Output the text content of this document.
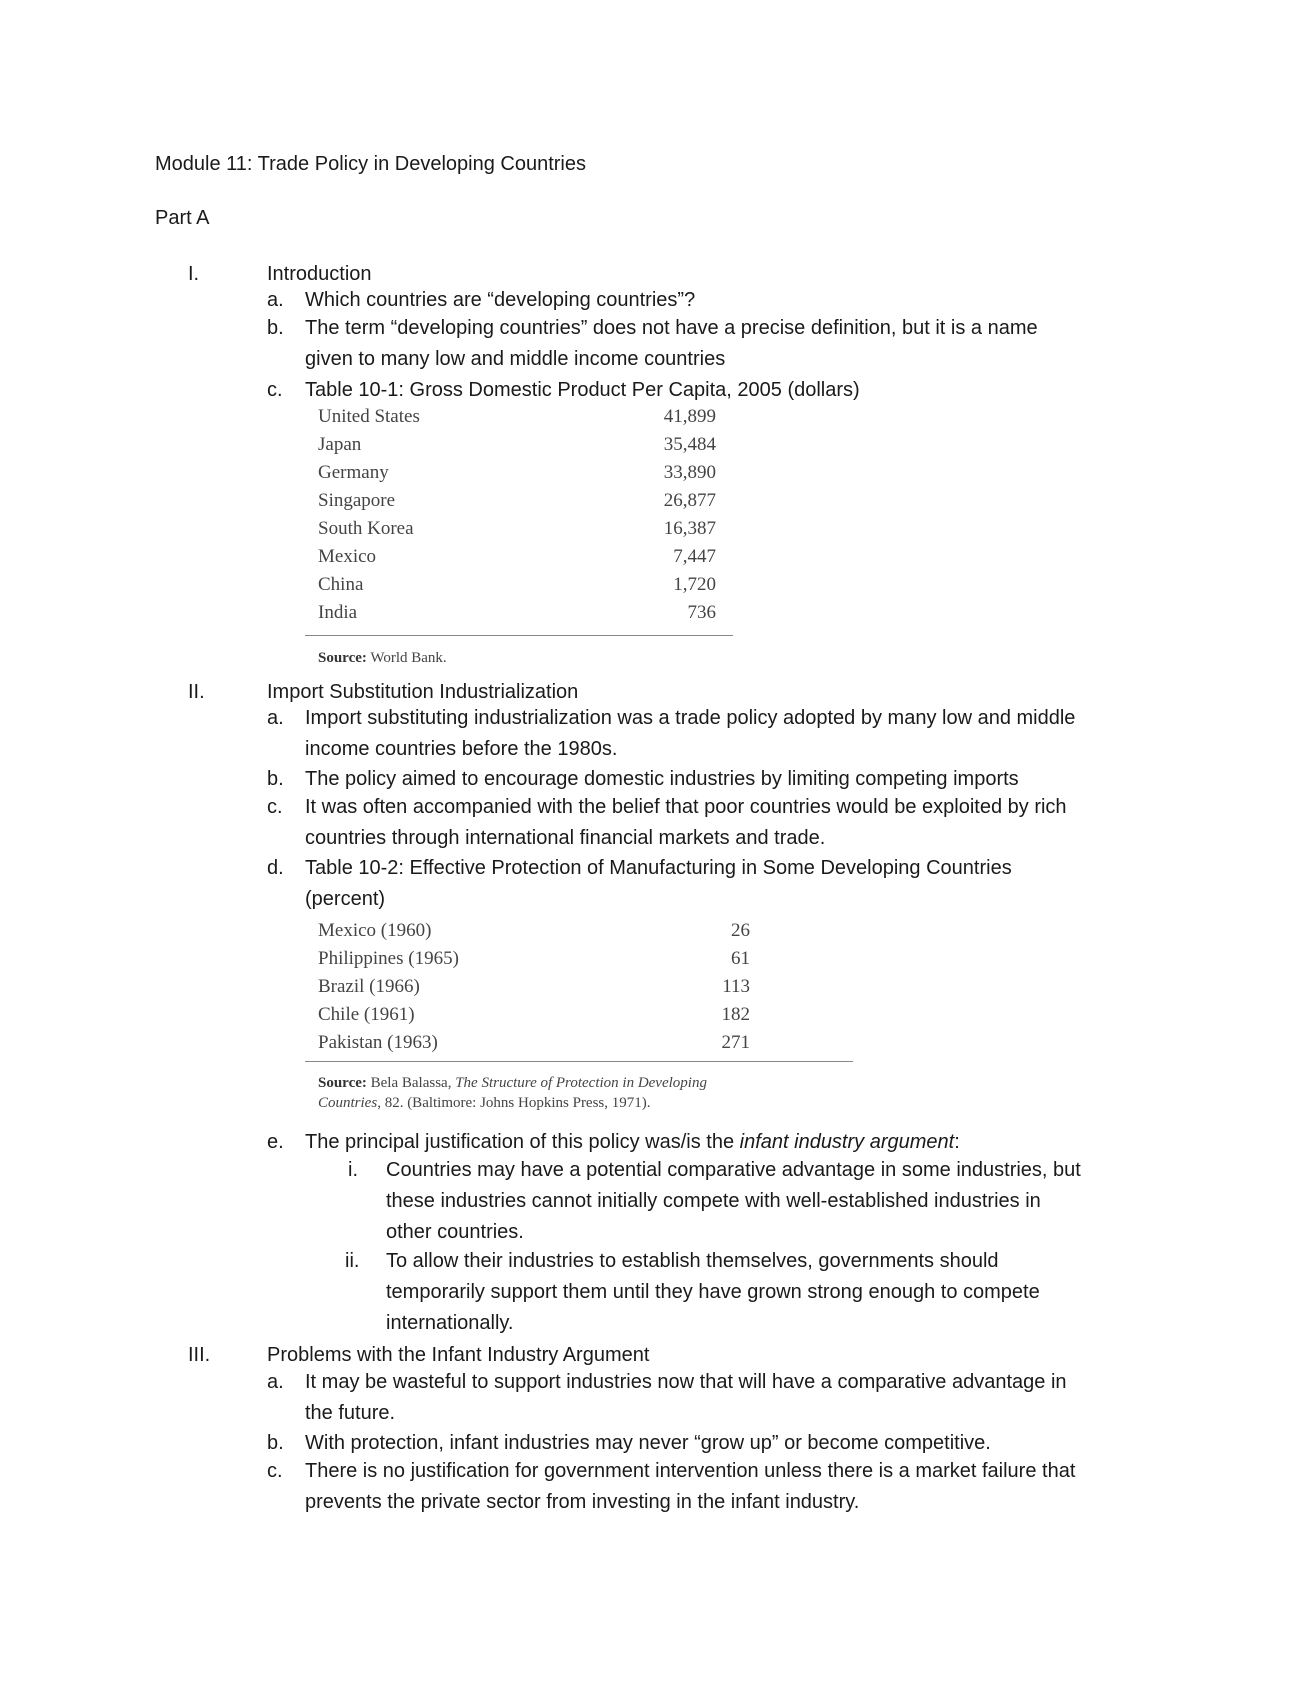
Module 11: Trade Policy in Developing Countries
Part A
I.	Introduction
a. Which countries are “developing countries”?
b. The term “developing countries” does not have a precise definition, but it is a name
given to many low and middle income countries
c. Table 10-1: Gross Domestic Product Per Capita, 2005 (dollars)
United States	41,899
Japan	35,484
Germany	33,890
Singapore	26,877
South Korea	16,387
Mexico	7,447
China	1,720
India	736
Source: World Bank.
II.	Import Substitution Industrialization
a. Import substituting industrialization was a trade policy adopted by many low and middle
income countries before the 1980s.
b. The policy aimed to encourage domestic industries by limiting competing imports
c. It was often accompanied with the belief that poor countries would be exploited by rich
countries through international financial markets and trade.
d. Table 10-2: Effective Protection of Manufacturing in Some Developing Countries
(percent)
Mexico (1960)	26
Philippines (1965)	61
Brazil (1966)	113
Chile (1961)	182
Pakistan (1963)	271
Source: Bela Balassa, The Structure of Protection in Developing
Countries, 82. (Baltimore: Johns Hopkins Press, 1971).
e. The principal justification of this policy was/is the infant industry argument:
i. Countries may have a potential comparative advantage in some industries, but
these industries cannot initially compete with well-established industries in
other countries.
ii. To allow their industries to establish themselves, governments should
temporarily support them until they have grown strong enough to compete
internationally.
III.	Problems with the Infant Industry Argument
a. It may be wasteful to support industries now that will have a comparative advantage in
the future.
b. With protection, infant industries may never “grow up” or become competitive.
c. There is no justification for government intervention unless there is a market failure that
prevents the private sector from investing in the infant industry.
